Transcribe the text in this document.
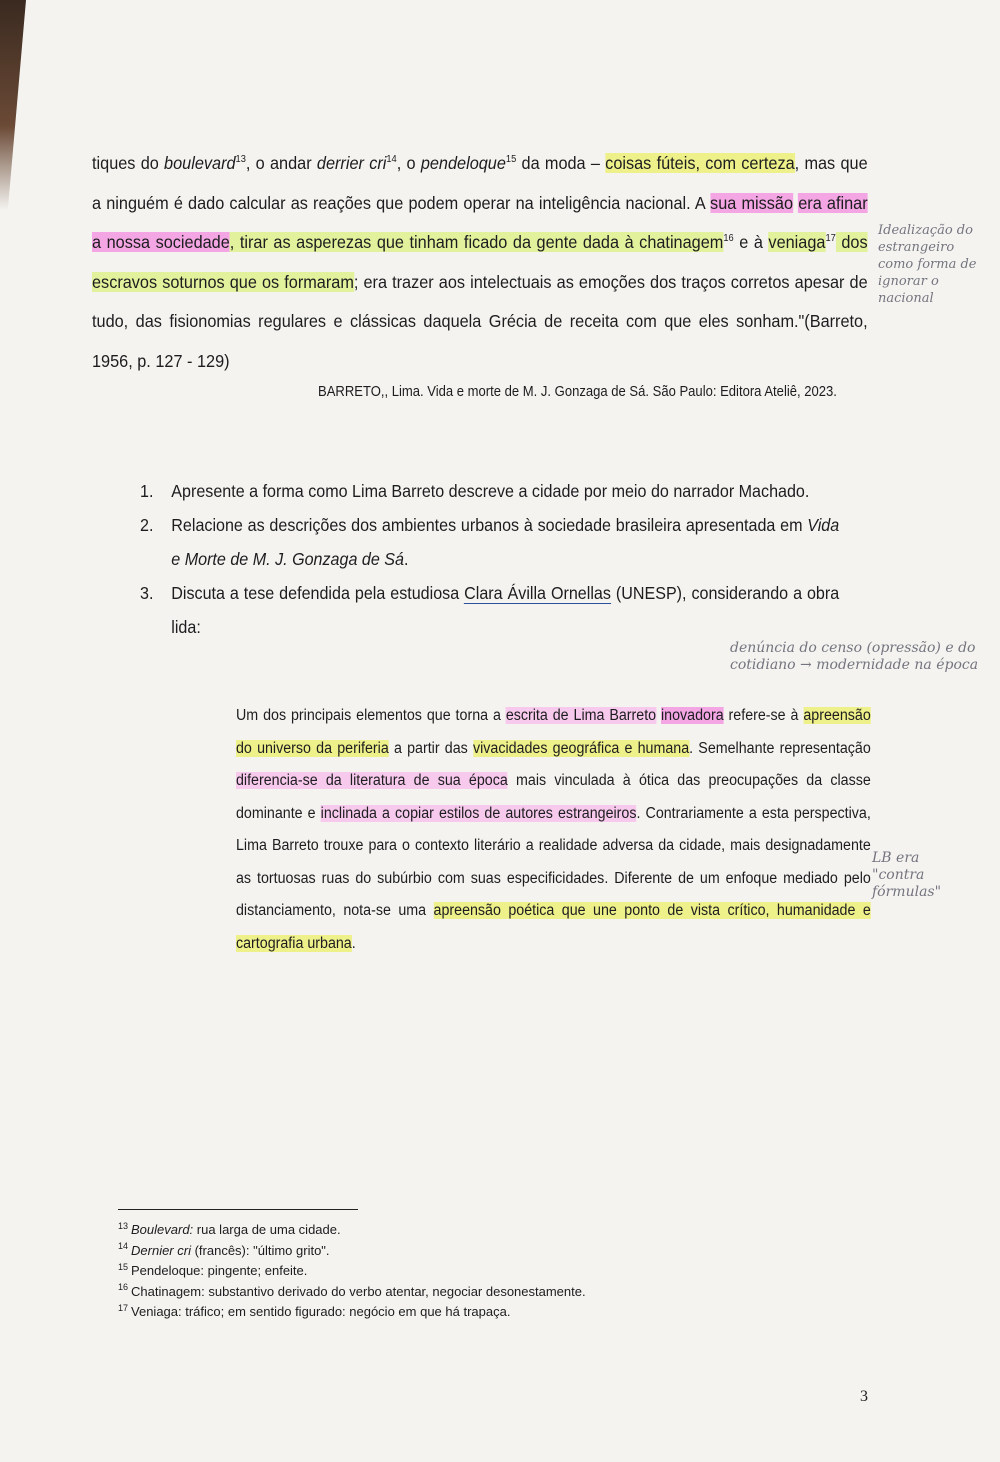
tiques do boulevard$^{13}$, o andar derrier cri$^{14}$, o pendeloque$^{15}$ da moda – coisas fúteis, com certeza, mas que a ninguém é dado calcular as reações que podem operar na inteligência nacional. A sua missão era afinar a nossa sociedade, tirar as asperezas que tinham ficado da gente dada à chatinagem$^{16}$ e à veniaga$^{17}$ dos escravos soturnos que os formaram; era trazer aos intelectuais as emoções dos traços corretos apesar de tudo, das fisionomias regulares e clássicas daquela Grécia de receita com que eles sonham."(Barreto, 1956, p. 127 - 129)
Idealização do estrangeiro como forma de ignorar o nacional
BARRETO,, Lima. Vida e morte de M. J. Gonzaga de Sá. São Paulo: Editora Ateliê, 2023.
1.	Apresente a forma como Lima Barreto descreve a cidade por meio do narrador Machado.
2.	Relacione as descrições dos ambientes urbanos à sociedade brasileira apresentada em Vida e Morte de M. J. Gonzaga de Sá.
3.	Discuta a tese defendida pela estudiosa Clara Ávilla Ornellas (UNESP), considerando a obra lida:
denúncia do censo (opressão) e do cotidiano → modernidade na época
Um dos principais elementos que torna a escrita de Lima Barreto inovadora refere-se à apreensão do universo da periferia a partir das vivacidades geográfica e humana. Semelhante representação diferencia-se da literatura de sua época mais vinculada à ótica das preocupações da classe dominante e inclinada a copiar estilos de autores estrangeiros. Contrariamente a esta perspectiva, Lima Barreto trouxe para o contexto literário a realidade adversa da cidade, mais designadamente as tortuosas ruas do subúrbio com suas especificidades. Diferente de um enfoque mediado pelo distanciamento, nota-se uma apreensão poética que une ponto de vista crítico, humanidade e cartografia urbana.
LB era "contra fórmulas"
$^{13}$ Boulevard: rua larga de uma cidade.
$^{14}$ Dernier cri (francês): "último grito".
$^{15}$ Pendeloque: pingente; enfeite.
$^{16}$ Chatinagem: substantivo derivado do verbo atentar, negociar desonestamente.
$^{17}$ Veniaga: tráfico; em sentido figurado: negócio em que há trapaça.
3
